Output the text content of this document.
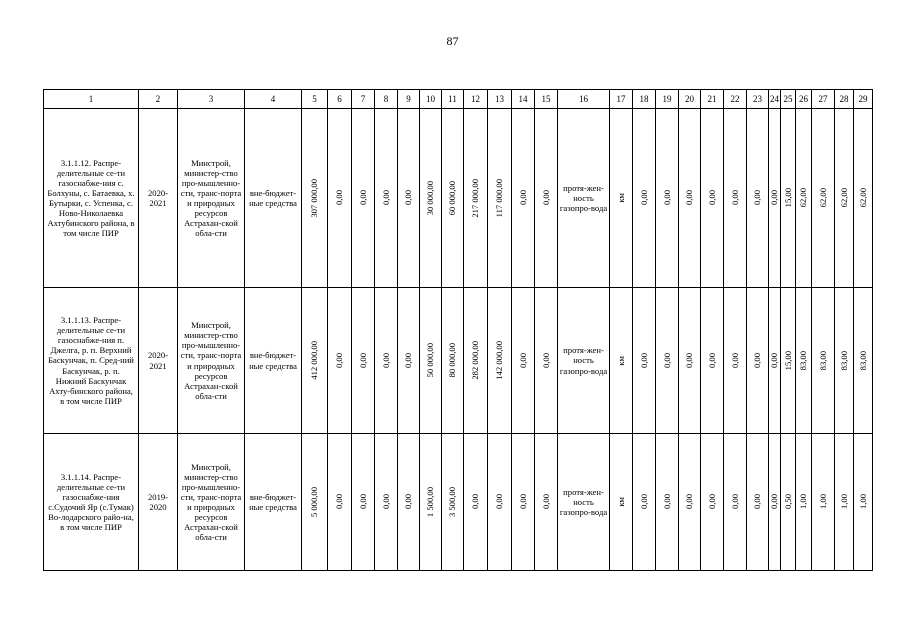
87
1	2	3	4	5	6	7	8	9	10	11	12	13	14	15	16	17	18	19	20	21	22	23	24	25	26	27	28	29

3.1.1.12. Распре-делительные се-ти газоснабже-ния с. Болхуны, с. Батаевка, х. Бутырки, с. Успенка, с. Ново-Николаевка Ахтубинского района, в том числе ПИР	2020-2021	Минстрой, министер-ство про-мышленно-сти, транс-порта и природных ресурсов Астрахан-ской обла-сти	вне-бюджет-ные средства	307 000,00	0,00	0,00	0,00	0,00	30 000,00	60 000,00	217 000,00	117 000,00	0,00	0,00	протя-жен-ность газопро-вода	км	0,00	0,00	0,00	0,00	0,00	0,00	0,00	15,00	62,00	62,00	62,00	62,00

3.1.1.13. Распре-делительные се-ти газоснабже-ния п. Джелга, р. п. Верхний Баскунчак, п. Сред-ний Баскунчак, р. п. Нижний Баскунчак Ахту-бинского района, в том числе ПИР	2020-2021	Минстрой, министер-ство про-мышленно-сти, транс-порта и природных ресурсов Астрахан-ской обла-сти	вне-бюджет-ные средства	412 000,00	0,00	0,00	0,00	0,00	50 000,00	80 000,00	282 000,00	142 000,00	0,00	0,00	протя-жен-ность газопро-вода	км	0,00	0,00	0,00	0,00	0,00	0,00	0,00	15,00	83,00	83,00	83,00	83,00

3.1.1.14. Распре-делительные се-ти газоснабже-ния с.Судочий Яр (с.Тумак) Во-лодарского райо-на, в том числе ПИР	2019-2020	Минстрой, министер-ство про-мышленно-сти, транс-порта и природных ресурсов Астрахан-ской обла-сти	вне-бюджет-ные средства	5 000,00	0,00	0,00	0,00	0,00	1 500,00	3 500,00	0,00	0,00	0,00	0,00	протя-жен-ность газопро-вода	км	0,00	0,00	0,00	0,00	0,00	0,00	0,00	0,50	1,00	1,00	1,00	1,00
